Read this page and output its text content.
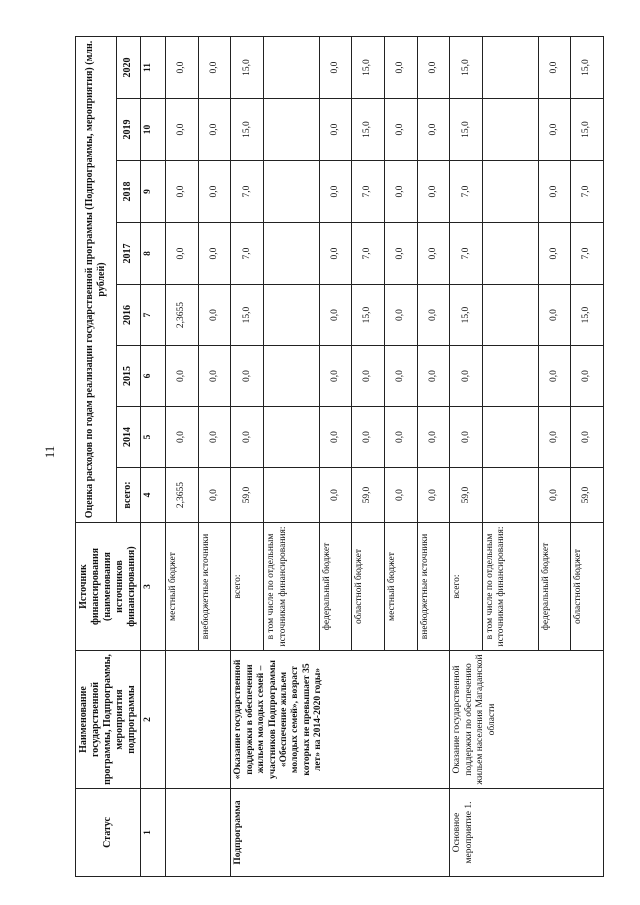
11
Статус	Наименование государственной программы, Подпрограммы, мероприятия подпрограммы	Источник финансирования (наименования источников финансирования)	Оценка расходов по годам реализации государственной программы (Подпрограммы, мероприятия) (млн. рублей)							
			всего:	2014	2015	2016	2017	2018	2019	2020
1	2	3	4	5	6	7	8	9	10	11
		местный бюджет	2,3655	0,0	0,0	2,3655	0,0	0,0	0,0	0,0
		внебюджетные источники	0,0	0,0	0,0	0,0	0,0	0,0	0,0	0,0
Подпрограмма	«Оказание государственной поддержки в обеспечении жильем молодых семей – участников Подпрограммы «Обеспечение жильем молодых семей», возраст которых не превышает 35 лет» на 2014-2020 годы»	всего:	59,0	0,0	0,0	15,0	7,0	7,0	15,0	15,0
		в том числе по отдельным источникам финансирования:								
		федеральный бюджет	0,0	0,0	0,0	0,0	0,0	0,0	0,0	0,0
		областной бюджет	59,0	0,0	0,0	15,0	7,0	7,0	15,0	15,0
		местный бюджет	0,0	0,0	0,0	0,0	0,0	0,0	0,0	0,0
		внебюджетные источники	0,0	0,0	0,0	0,0	0,0	0,0	0,0	0,0
Основное мероприятие 1.	Оказание государственной поддержки по обеспечению жильем населения Магаданской области	всего:	59,0	0,0	0,0	15,0	7,0	7,0	15,0	15,0
		в том числе по отдельным источникам финансирования:								
		федеральный бюджет	0,0	0,0	0,0	0,0	0,0	0,0	0,0	0,0
		областной бюджет	59,0	0,0	0,0	15,0	7,0	7,0	15,0	15,0
